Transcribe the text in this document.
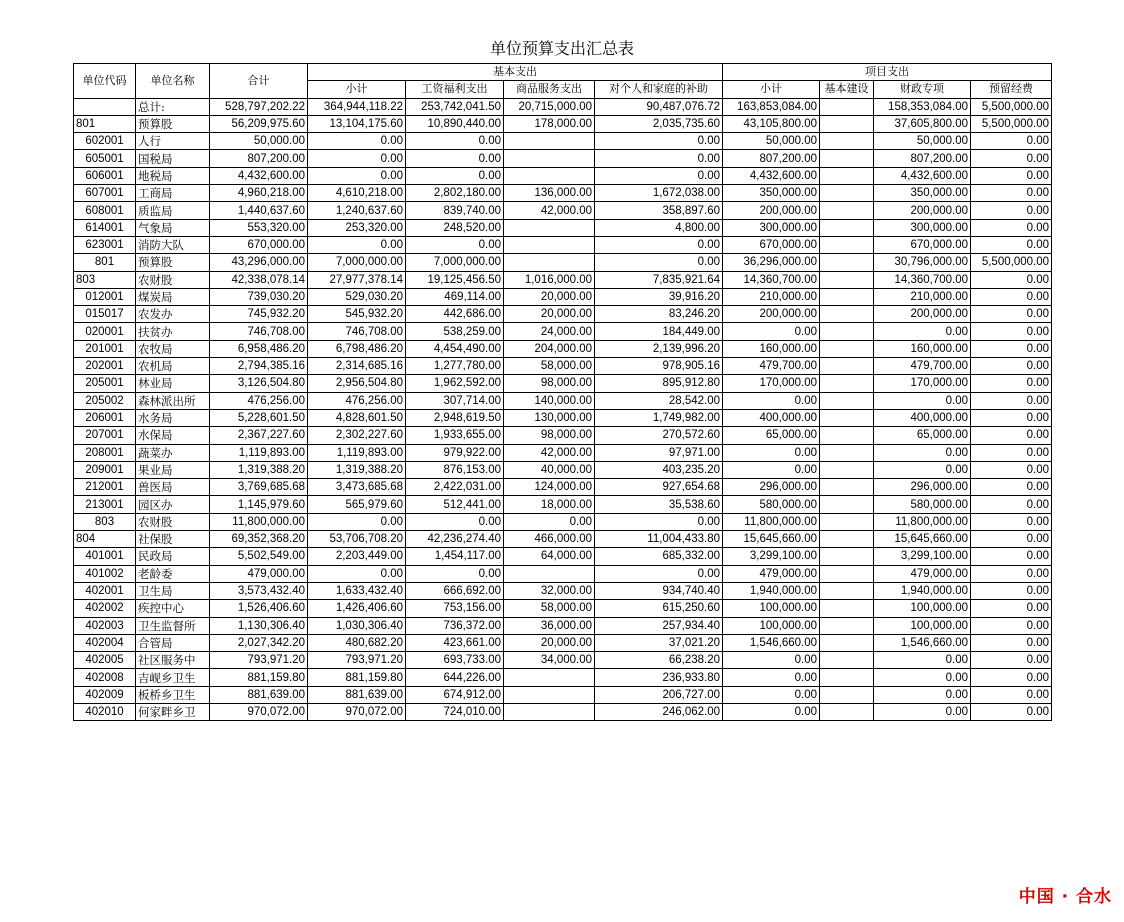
单位预算支出汇总表
单位代码	单位名称	合计	基本支出				项目支出			
			小计	工资福利支出	商品服务支出	对个人和家庭的补助	小计	基本建设	财政专项	预留经费
	总计:	528,797,202.22	364,944,118.22	253,742,041.50	20,715,000.00	90,487,076.72	163,853,084.00		158,353,084.00	5,500,000.00
801	预算股	56,209,975.60	13,104,175.60	10,890,440.00	178,000.00	2,035,735.60	43,105,800.00		37,605,800.00	5,500,000.00
602001	人行	50,000.00	0.00	0.00		0.00	50,000.00		50,000.00	0.00
605001	国税局	807,200.00	0.00	0.00		0.00	807,200.00		807,200.00	0.00
606001	地税局	4,432,600.00	0.00	0.00		0.00	4,432,600.00		4,432,600.00	0.00
607001	工商局	4,960,218.00	4,610,218.00	2,802,180.00	136,000.00	1,672,038.00	350,000.00		350,000.00	0.00
608001	质监局	1,440,637.60	1,240,637.60	839,740.00	42,000.00	358,897.60	200,000.00		200,000.00	0.00
614001	气象局	553,320.00	253,320.00	248,520.00		4,800.00	300,000.00		300,000.00	0.00
623001	消防大队	670,000.00	0.00	0.00		0.00	670,000.00		670,000.00	0.00
801	预算股	43,296,000.00	7,000,000.00	7,000,000.00		0.00	36,296,000.00		30,796,000.00	5,500,000.00
803	农财股	42,338,078.14	27,977,378.14	19,125,456.50	1,016,000.00	7,835,921.64	14,360,700.00		14,360,700.00	0.00
012001	煤炭局	739,030.20	529,030.20	469,114.00	20,000.00	39,916.20	210,000.00		210,000.00	0.00
015017	农发办	745,932.20	545,932.20	442,686.00	20,000.00	83,246.20	200,000.00		200,000.00	0.00
020001	扶贫办	746,708.00	746,708.00	538,259.00	24,000.00	184,449.00	0.00		0.00	0.00
201001	农牧局	6,958,486.20	6,798,486.20	4,454,490.00	204,000.00	2,139,996.20	160,000.00		160,000.00	0.00
202001	农机局	2,794,385.16	2,314,685.16	1,277,780.00	58,000.00	978,905.16	479,700.00		479,700.00	0.00
205001	林业局	3,126,504.80	2,956,504.80	1,962,592.00	98,000.00	895,912.80	170,000.00		170,000.00	0.00
205002	森林派出所	476,256.00	476,256.00	307,714.00	140,000.00	28,542.00	0.00		0.00	0.00
206001	水务局	5,228,601.50	4,828,601.50	2,948,619.50	130,000.00	1,749,982.00	400,000.00		400,000.00	0.00
207001	水保局	2,367,227.60	2,302,227.60	1,933,655.00	98,000.00	270,572.60	65,000.00		65,000.00	0.00
208001	蔬菜办	1,119,893.00	1,119,893.00	979,922.00	42,000.00	97,971.00	0.00		0.00	0.00
209001	果业局	1,319,388.20	1,319,388.20	876,153.00	40,000.00	403,235.20	0.00		0.00	0.00
212001	兽医局	3,769,685.68	3,473,685.68	2,422,031.00	124,000.00	927,654.68	296,000.00		296,000.00	0.00
213001	园区办	1,145,979.60	565,979.60	512,441.00	18,000.00	35,538.60	580,000.00		580,000.00	0.00
803	农财股	11,800,000.00	0.00	0.00	0.00	0.00	11,800,000.00		11,800,000.00	0.00
804	社保股	69,352,368.20	53,706,708.20	42,236,274.40	466,000.00	11,004,433.80	15,645,660.00		15,645,660.00	0.00
401001	民政局	5,502,549.00	2,203,449.00	1,454,117.00	64,000.00	685,332.00	3,299,100.00		3,299,100.00	0.00
401002	老龄委	479,000.00	0.00	0.00		0.00	479,000.00		479,000.00	0.00
402001	卫生局	3,573,432.40	1,633,432.40	666,692.00	32,000.00	934,740.40	1,940,000.00		1,940,000.00	0.00
402002	疾控中心	1,526,406.60	1,426,406.60	753,156.00	58,000.00	615,250.60	100,000.00		100,000.00	0.00
402003	卫生监督所	1,130,306.40	1,030,306.40	736,372.00	36,000.00	257,934.40	100,000.00		100,000.00	0.00
402004	合管局	2,027,342.20	480,682.20	423,661.00	20,000.00	37,021.20	1,546,660.00		1,546,660.00	0.00
402005	社区服务中	793,971.20	793,971.20	693,733.00	34,000.00	66,238.20	0.00		0.00	0.00
402008	吉岘乡卫生	881,159.80	881,159.80	644,226.00		236,933.80	0.00		0.00	0.00
402009	板桥乡卫生	881,639.00	881,639.00	674,912.00		206,727.00	0.00		0.00	0.00
402010	何家畔乡卫	970,072.00	970,072.00	724,010.00		246,062.00	0.00		0.00	0.00
中国 · 合水
